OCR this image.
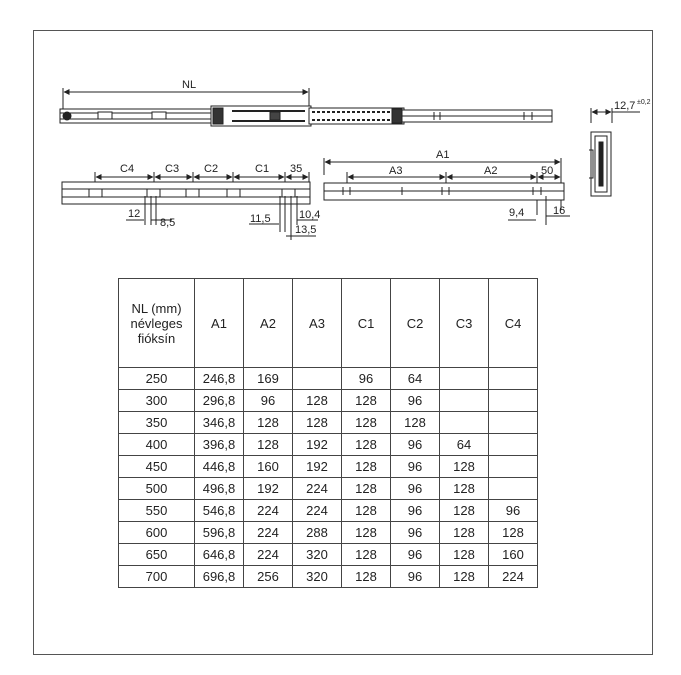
NL
12,7 ±0,2
C4	C3 C2	C1 35
12
8,5	11,5	10,4
13,5
A1
A3	A2	50
9,4	16
NL (mm)
névleges
fióksín	A1	A2	A3	C1	C2	C3	C4
250	246,8	169		96	64		
300	296,8	96	128	128	96		
350	346,8	128	128	128	128		
400	396,8	128	192	128	96	64	
450	446,8	160	192	128	96	128	
500	496,8	192	224	128	96	128	
550	546,8	224	224	128	96	128	96
600	596,8	224	288	128	96	128	128
650	646,8	224	320	128	96	128	160
700	696,8	256	320	128	96	128	224
